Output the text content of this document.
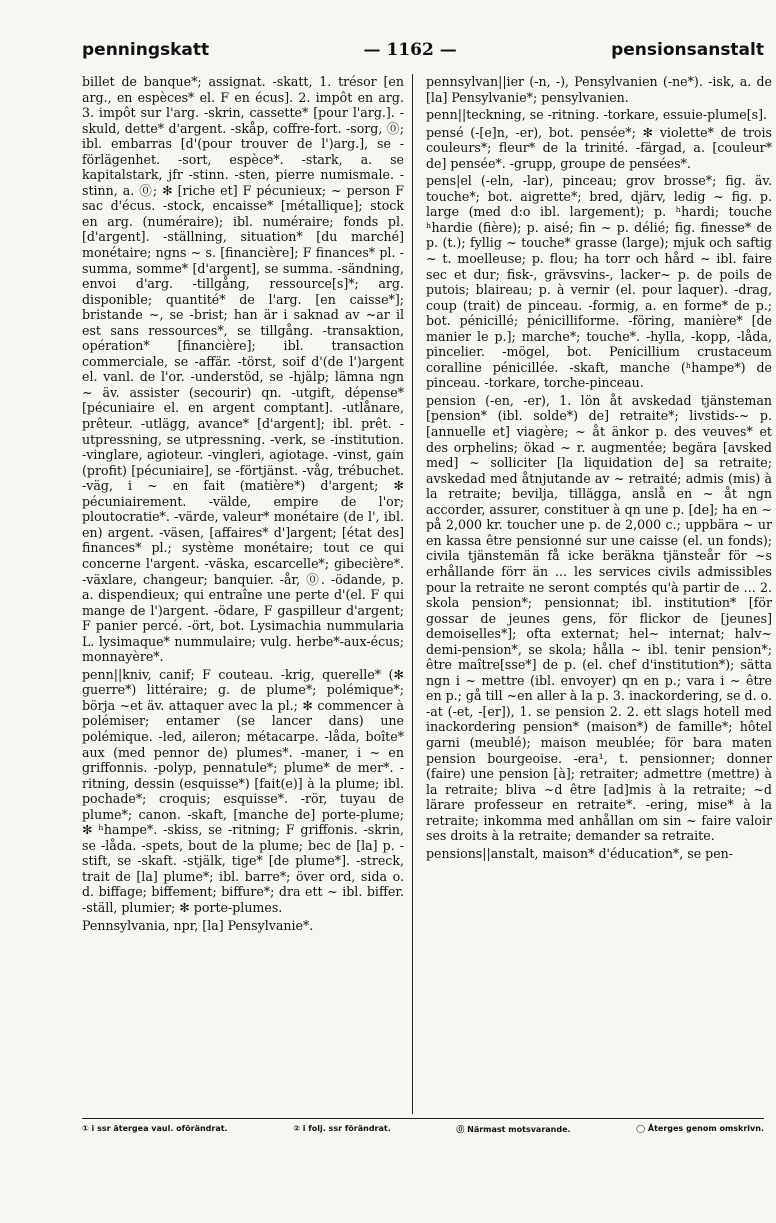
penningskatt	— 1162 —	pensionsanstalt

billet de banque*; assignat. -skatt, 1. trésor [en arg., en espèces* el. F en écus]. 2. impôt en arg. 3. impôt sur l'arg. -skrin, cassette* [pour l'arg.]. -skuld, dette* d'argent. -skåp, coffre-fort. -sorg, ⓪; ibl. embarras [d'(pour trouver de l')arg.], se -förlägenhet. -sort, espèce*. -stark, a. se kapitalstark, jfr -stinn. -sten, pierre numismale. -stinn, a. ⓪; ✻ [riche et] F pécunieux; ~ person F sac d'écus. -stock, encaisse* [métallique]; stock en arg. (numéraire); ibl. numéraire; fonds pl. [d'argent]. -ställning, situation* [du marché] monétaire; ngns ~ s. [financière]; F finances* pl. -summa, somme* [d'argent], se summa. -sändning, envoi d'arg. -tillgång, ressource[s]*; arg. disponible; quantité* de l'arg. [en caisse*]; bristande ~, se -brist; han är i saknad av ~ar il est sans ressources*, se tillgång. -transaktion, opération* [financière]; ibl. transaction commerciale, se -affär. -törst, soif d'(de l')argent el. vanl. de l'or. -understöd, se -hjälp; lämna ngn ~ äv. assister (secourir) qn. -utgift, dépense* [pécuniaire el. en argent comptant]. -utlånare, prêteur. -utlägg, avance* [d'argent]; ibl. prêt. -utpressning, se utpressning. -verk, se -institution. -vinglare, agioteur. -vingleri, agiotage. -vinst, gain (profit) [pécuniaire], se -förtjänst. -våg, trébuchet. -väg, i ~ en fait (matière*) d'argent; ✻ pécuniairement. -välde, empire de l'or; ploutocratie*. -värde, valeur* monétaire (de l', ibl. en) argent. -väsen, [affaires* d']argent; [état des] finances* pl.; système monétaire; tout ce qui concerne l'argent. -väska, escarcelle*; gibecière*. -växlare, changeur; banquier. -år, ⓪. -ödande, p. a. dispendieux; qui entraîne une perte d'(el. F qui mange de l')argent. -ödare, F gaspilleur d'argent; F panier percé. -ört, bot. Lysimachia nummularia L. lysimaque* nummulaire; vulg. herbe*-aux-écus; monnayère*.

penn||kniv, canif; F couteau. -krig, querelle* (✻ guerre*) littéraire; g. de plume*; polémique*; börja ~et äv. attaquer avec la pl.; ✻ commencer à polémiser; entamer (se lancer dans) une polémique. -led, aileron; métacarpe. -låda, boîte* aux (med pennor de) plumes*. -maner, i ~ en griffonnis. -polyp, pennatule*; plume* de mer*. -ritning, dessin (esquisse*) [fait(e)] à la plume; ibl. pochade*; croquis; esquisse*. -rör, tuyau de plume*; canon. -skaft, [manche de] porte-plume; ✻ ʰhampe*. -skiss, se -ritning; F griffonis. -skrin, se -låda. -spets, bout de la plume; bec de [la] p. -stift, se -skaft. -stjälk, tige* [de plume*]. -streck, trait de [la] plume*; ibl. barre*; över ord, sida o. d. biffage; biffement; biffure*; dra ett ~ ibl. biffer. -ställ, plumier; ✻ porte-plumes.

Pennsylvania, npr, [la] Pensylvanie*.

pennsylvan||ier (-n, -), Pensylvanien (-ne*). -isk, a. de [la] Pensylvanie*; pensylvanien.

penn||teckning, se -ritning. -torkare, essuie-plume[s].

pensé (-[e]n, -er), bot. pensée*; ✻ violette* de trois couleurs*; fleur* de la trinité. -färgad, a. [couleur* de] pensée*. -grupp, groupe de pensées*.

pens|el (-eln, -lar), pinceau; grov brosse*; fig. äv. touche*; bot. aigrette*; bred, djärv, ledig ~ fig. p. large (med d:o ibl. largement); p. ʰhardi; touche ʰhardie (fière); p. aisé; fin ~ p. délié; fig. finesse* de p. (t.); fyllig ~ touche* grasse (large); mjuk och saftig ~ t. moelleuse; p. flou; ha torr och hård ~ ibl. faire sec et dur; fisk-, grävsvins-, lacker~ p. de poils de putois; blaireau; p. à vernir (el. pour laquer). -drag, coup (trait) de pinceau. -formig, a. en forme* de p.; bot. pénicillé; pénicilliforme. -föring, manière* [de manier le p.]; marche*; touche*. -hylla, -kopp, -låda, pincelier. -mögel, bot. Penicillium crustaceum coralline pénicillée. -skaft, manche (ʰhampe*) de pinceau. -torkare, torche-pinceau.

pension (-en, -er), 1. lön åt avskedad tjänsteman [pension* (ibl. solde*) de] retraite*; livstids-~ p. [annuelle et] viagère; ~ åt änkor p. des veuves* et des orphelins; ökad ~ r. augmentée; begära [avsked med] ~ solliciter [la liquidation de] sa retraite; avskedad med åtnjutande av ~ retraité; admis (mis) à la retraite; bevilja, tillägga, anslå en ~ åt ngn accorder, assurer, constituer à qn une p. [de]; ha en ~ på 2,000 kr. toucher une p. de 2,000 c.; uppbära ~ ur en kassa être pensionné sur une caisse (el. un fonds); civila tjänstemän få icke beräkna tjänsteår för ~s erhållande förr än ... les services civils admissibles pour la retraite ne seront comptés qu'à partir de ... 2. skola pension*; pensionnat; ibl. institution* [för gossar de jeunes gens, för flickor de [jeunes] demoiselles*]; ofta externat; hel~ internat; halv~ demi-pension*, se skola; hålla ~ ibl. tenir pension*; être maître[sse*] de p. (el. chef d'institution*); sätta ngn i ~ mettre (ibl. envoyer) qn en p.; vara i ~ être en p.; gå till ~en aller à la p. 3. inackordering, se d. o. -at (-et, -[er]), 1. se pension 2. 2. ett slags hotell med inackordering pension* (maison*) de famille*; hôtel garni (meublé); maison meublée; för bara maten pension bourgeoise. -era¹, t. pensionner; donner (faire) une pension [à]; retraiter; admettre (mettre) à la retraite; bliva ~d être [ad]mis à la retraite; ~d lärare professeur en retraite*. -ering, mise* à la retraite; inkomma med anhållan om sin ~ faire valoir ses droits à la retraite; demander sa retraite.

pensions||anstalt, maison* d'éducation*, se pen-

① i ssr ätergea vaul. oförändrat.	② i folj. ssr förändrat.	⓪ Närmast motsvarande.	◯ Återges genom omskrivn.
